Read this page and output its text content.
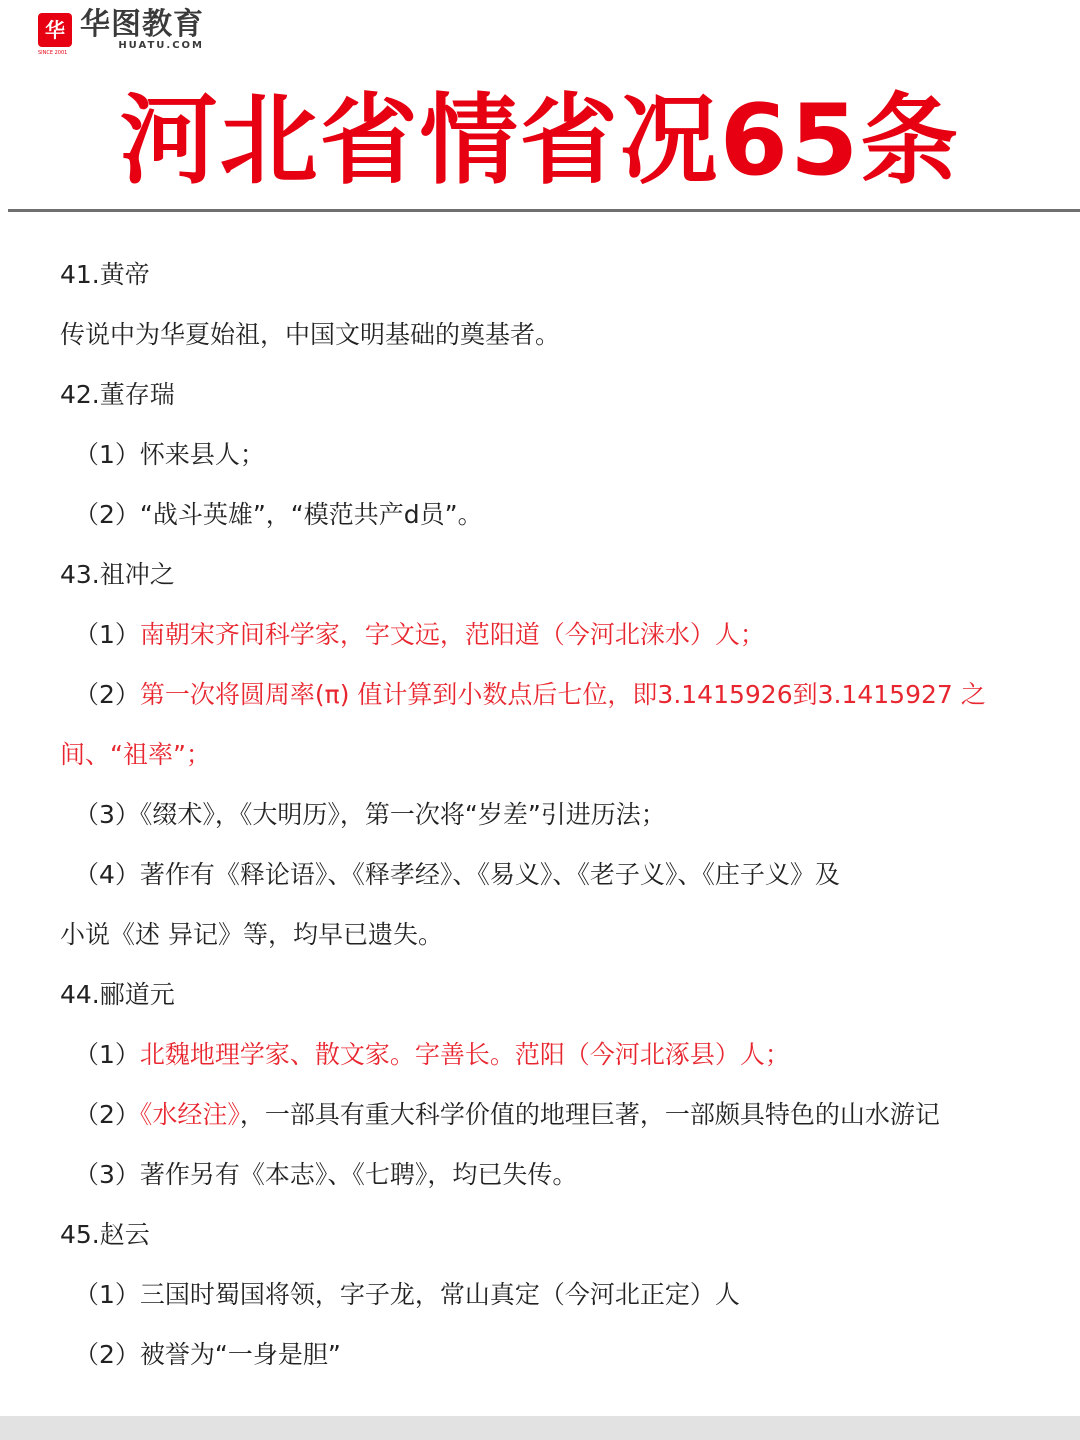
华 华图教育
HUATU.COM
SINCE 2001
河北省情省况65条
41.黄帝
传说中为华夏始祖，中国文明基础的奠基者。
42.董存瑞
（1）怀来县人；
（2）“战斗英雄”，“模范共产d员”。
43.祖冲之
（1）南朝宋齐间科学家，字文远，范阳道（今河北涞水）人；
（2）第一次将圆周率(π) 值计算到小数点后七位，即3.1415926到3.1415927 之
间、“祖率”；
（3）《缀术》，《大明历》，第一次将“岁差”引进历法；
（4）著作有《释论语》、《释孝经》、《易义》、《老子义》、《庄子义》及
小说《述 异记》等，均早已遗失。
44.郦道元
（1）北魏地理学家、散文家。字善长。范阳（今河北涿县）人；
（2）《水经注》，一部具有重大科学价值的地理巨著，一部颇具特色的山水游记
（3）著作另有《本志》、《七聘》，均已失传。
45.赵云
（1）三国时蜀国将领，字子龙，常山真定（今河北正定）人
（2）被誉为“一身是胆”
